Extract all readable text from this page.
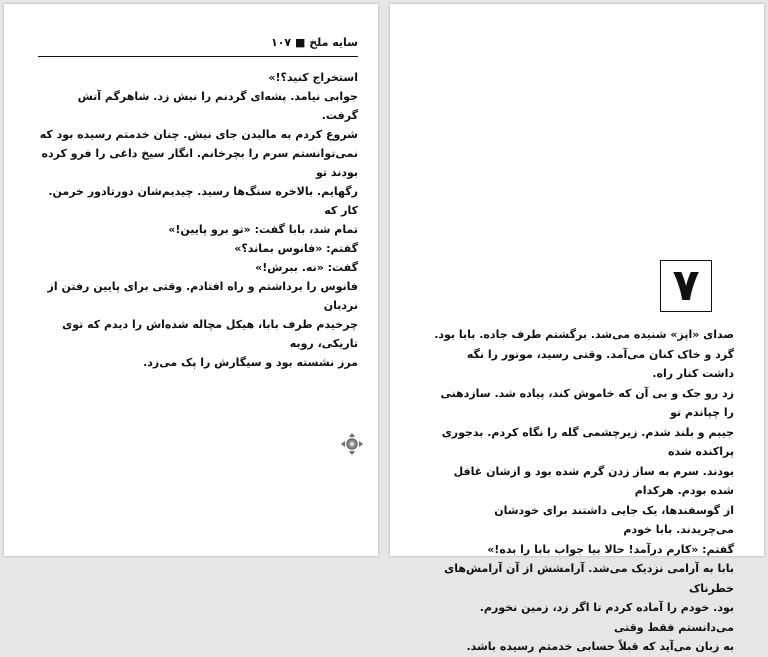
سایه ملخ ■ ۱۰۷

استخراج کنید؟!»

جوابی نیامد. پشه‌ای گردنم را نیش زد. شاهرگم آتش گرفت.

شروع کردم به مالیدن جای نیش. چنان خدمتم رسیده بود که

نمی‌توانستم سرم را بچرخانم. انگار سیخ داغی را فرو کرده بودند تو

رگهایم. بالاخره سنگ‌ها رسید. چیدیم‌شان دورتادور خرمن. کار که

تمام شد، بابا گفت: «تو برو پایین!»

گفتم: «فانوس بماند؟»

گفت: «نه. ببرش!»

فانوس را برداشتم و راه افتادم. وقتی برای پایین رفتن از نردبان

چرخیدم طرف بابا، هیکل مچاله شده‌اش را دیدم که توی تاریکی، روبه

مرز نشسته بود و سیگارش را پک می‌زد.

۷

صدای «اپز» شنیده می‌شد. برگشتم طرف جاده. بابا بود.

گرد و خاک کنان می‌آمد. وقتی رسید، موتور را نگه داشت کنار راه.

زد رو جک و بی آن که خاموش کند، پیاده شد. سازدهنی را چپاندم تو

جیبم و بلند شدم. زیرچشمی گله را نگاه کردم. بدجوری پراکنده شده

بودند. سرم به ساز زدن گرم شده بود و ازشان غافل شده بودم. هرکدام

از گوسفندها، یک جایی داشتند برای خودشان می‌چریدند. بابا خودم

گفتم: «کارم درآمد! حالا بیا جواب بابا را بده!»

بابا به آرامی نزدیک می‌شد. آرامشش از آن آرامش‌های خطرناک

بود. خودم را آماده کردم تا اگر زد، زمین نخورم. می‌دانستم فقط وقتی

به زبان می‌آید که قبلاً حسابی خدمتم رسیده باشد.
